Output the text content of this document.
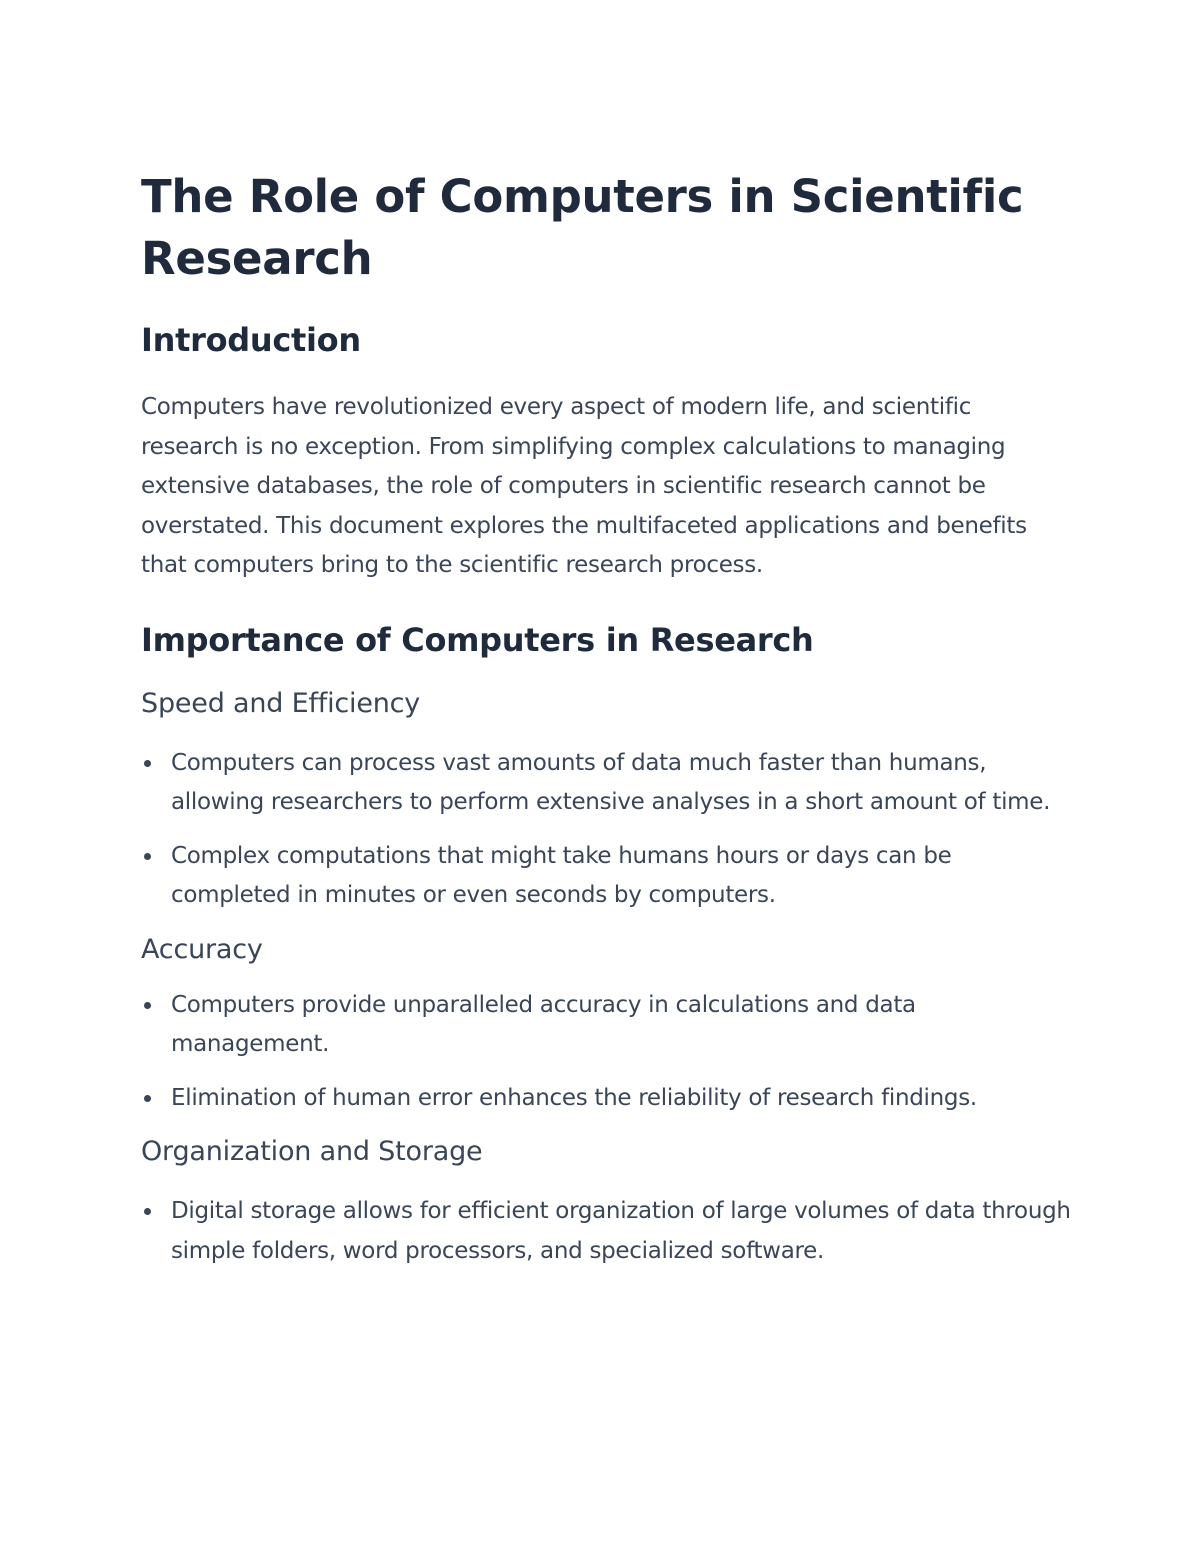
The Role of Computers in Scientific Research
Introduction

Computers have revolutionized every aspect of modern life, and scientific research is no exception. From simplifying complex calculations to managing extensive databases, the role of computers in scientific research cannot be overstated. This document explores the multifaceted applications and benefits that computers bring to the scientific research process.

Importance of Computers in Research
Speed and Efficiency
Computers can process vast amounts of data much faster than humans, allowing researchers to perform extensive analyses in a short amount of time.
Complex computations that might take humans hours or days can be completed in minutes or even seconds by computers.
Accuracy
Computers provide unparalleled accuracy in calculations and data management.
Elimination of human error enhances the reliability of research findings.
Organization and Storage
Digital storage allows for efficient organization of large volumes of data through simple folders, word processors, and specialized software.
